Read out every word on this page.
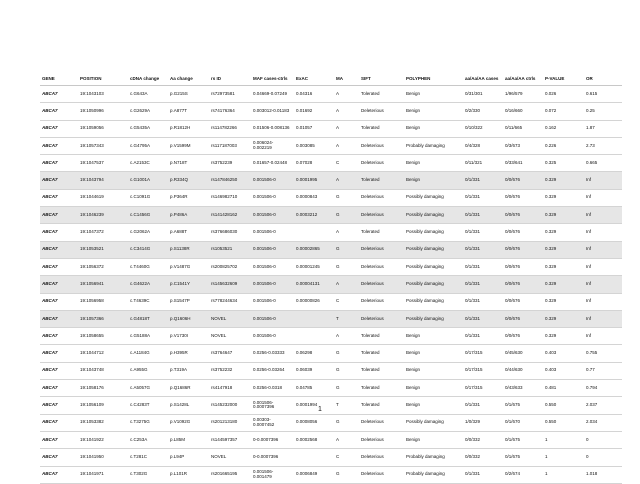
GENE	POSITION	cDNA change	Aa change	rs ID	MAF cases-ctrls	ExAC	MA	SIFT	POLYPHEN	aa/Aa/AA cases	aa/Aa/AA ctrls	P-VALUE	OR
ABCA7	19:1043103	c.G643A	p.G215S	rs72973581	0.04669-0.07249	0.04316	A	Tolerated	Benign	0/31/301	1/96/579	0.026	0.615
ABCA7	19:1050996	c.G2629A	p.A877T	rs74176364	0.003012-0.01183	0.01692	A	Deleterious	Benign	0/2/330	0/16/660	0.072	0.25
ABCA7	19:1059056	c.G5435A	p.R1812H	rs114782266	0.01506-0.008136	0.01057	A	Tolerated	Benign	0/10/322	0/11/665	0.162	1.87
ABCA7	19:1057343	c.G4795A	p.V1599M	rs117187003	0.006024-0.002219	0.003085	A	Deleterious	Probably damaging	0/4/328	0/3/673	0.226	2.73
ABCA7	19:1047537	c.A2153C	p.N718T	rs3752239	0.01657-0.02448	0.07028	C	Deleterious	Benign	0/11/321	0/33/641	0.325	0.665
ABCA7	19:1043794	c.G1001A	p.R334Q	rs147846250	0.001506-0	0.0001995	A	Tolerated	Benign	0/1/331	0/0/676	0.329	Inf
ABCA7	19:1044619	c.C1091G	p.P364R	rs146982710	0.001506-0	0.0000843	G	Deleterious	Possibly damaging	0/1/331	0/0/676	0.329	Inf
ABCA7	19:1046239	c.C1456G	p.P486A	rs141428162	0.001506-0	0.0003212	G	Deleterious	Possibly damaging	0/1/331	0/0/676	0.329	Inf
ABCA7	19:1047372	c.G2062A	p.A688T	rs376686030	0.001506-0		A	Tolerated	Possibly damaging	0/1/331	0/0/676	0.329	Inf
ABCA7	19:1053521	c.C3414G	p.S1138R	rs1053521	0.001506-0	0.00002865	G	Deleterious	Possibly damaging	0/1/331	0/0/676	0.329	Inf
ABCA7	19:1056372	c.T4460G	p.V1487G	rs200825702	0.001506-0	0.00001245	G	Deleterious	Possibly damaging	0/1/331	0/0/676	0.329	Inf
ABCA7	19:1056941	c.G4622A	p.C1541Y	rs145632609	0.001506-0	0.00004131	A	Deleterious	Possibly damaging	0/1/331	0/0/676	0.329	Inf
ABCA7	19:1056958	c.T4639C	p.S1547P	rs778244634	0.001506-0	0.00000826	C	Deleterious	Possibly damaging	0/1/331	0/0/676	0.329	Inf
ABCA7	19:1057366	c.G4818T	p.Q1606H	NOVEL	0.001506-0		T	Deleterious	Possibly damaging	0/1/331	0/0/676	0.329	Inf
ABCA7	19:1058655	c.G5188A	p.V1730I	NOVEL	0.001506-0		A	Tolerated	Benign	0/1/331	0/0/676	0.329	Inf
ABCA7	19:1044712	c.A1184G	p.H395R	rs3764647	0.0256-0.03333	0.06298	G	Tolerated	Benign	0/17/315	0/45/630	0.403	0.755
ABCA7	19:1043748	c.A955G	p.T319A	rs3752232	0.0256-0.03264	0.06039	G	Tolerated	Benign	0/17/315	0/44/630	0.403	0.77
ABCA7	19:1058176	c.A5057G	p.Q1686R	rs4147918	0.0256-0.0318	0.04785	G	Tolerated	Benign	0/17/315	0/43/633	0.481	0.794
ABCA7	19:1056109	c.C4283T	p.S1428L	rs145232000	0.001506-0.0007396	0.0001994	T	Tolerated	Benign	0/1/331	0/1/675	0.550	2.037
ABCA7	19:1053382	c.T3275G	p.V1092G	rs201213180	0.00303-0.0007452	0.0008056	G	Deleterious	Possibly damaging	1/0/329	0/1/670	0.550	2.034
ABCA7	19:1041922	c.C253A	p.L85M	rs144597357	0-0.0007396	0.0002568	A	Deleterious	Benign	0/0/332	0/1/675	1	0
ABCA7	19:1041950	c.T281C	p.L94P	NOVEL	0-0.0007396		C	Deleterious	Probably damaging	0/0/332	0/1/675	1	0
ABCA7	19:1041971	c.T302G	p.L101R	rs201665195	0.001506-0.001479	0.0006849	G	Deleterious	Probably damaging	0/1/331	0/2/674	1	1.018
1
